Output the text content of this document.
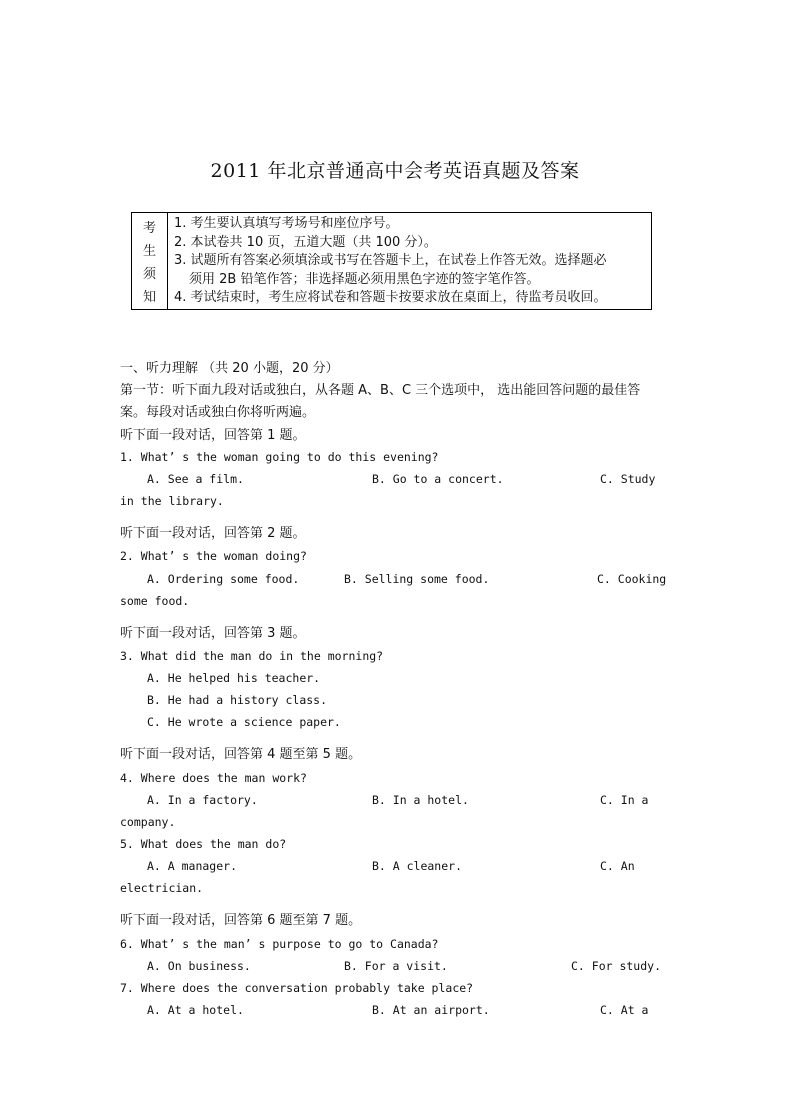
2011 年北京普通高中会考英语真题及答案
考
生
须
知
1. 考生要认真填写考场号和座位序号。
2. 本试卷共 10 页，五道大题（共 100 分）。
3. 试题所有答案必须填涂或书写在答题卡上，在试卷上作答无效。选择题必
须用 2B 铅笔作答；非选择题必须用黑色字迹的签字笔作答。
4. 考试结束时，考生应将试卷和答题卡按要求放在桌面上，待监考员收回。
一、听力理解 （共 20 小题，20 分）
第一节：听下面九段对话或独白，从各题 A、B、C 三个选项中， 选出能回答问题的最佳答
案。每段对话或独白你将听两遍。
听下面一段对话，回答第 1 题。
1. What’ s the woman going to do this evening?
A. See a film.	B. Go to a concert.	C. Study
in the library.
听下面一段对话，回答第 2 题。
2. What’ s the woman doing?
A. Ordering some food.	B. Selling some food.	C. Cooking
some food.
听下面一段对话，回答第 3 题。
3. What did the man do in the morning?
A. He helped his teacher.
B. He had a history class.
C. He wrote a science paper.
听下面一段对话，回答第 4 题至第 5 题。
4. Where does the man work?
A. In a factory.	B. In a hotel.	C. In a
company.
5. What does the man do?
A. A manager.	B. A cleaner.	C. An
electrician.
听下面一段对话，回答第 6 题至第 7 题。
6. What’ s the man’ s purpose to go to Canada?
A. On business.	B. For a visit.	C. For study.
7. Where does the conversation probably take place?
A. At a hotel.	B. At an airport.	C. At a
